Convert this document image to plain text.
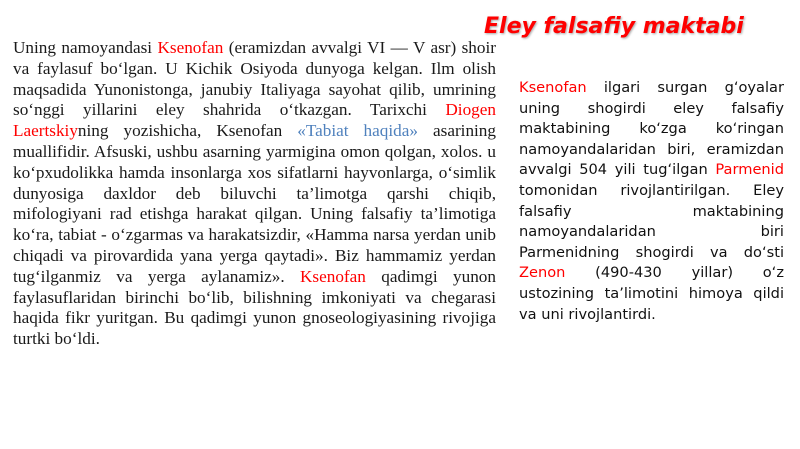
Eley falsafiy maktabi

Uning namoyandasi Ksenofan (eramizdan avvalgi VI — V asr) shoir va faylasuf bo‘lgan. U Kichik Osiyoda dunyoga kelgan. Ilm olish maqsadida Yunonistonga, janubiy Italiyaga sayohat qilib, umrining so‘nggi yillarini eley shahrida o‘tkazgan. Tarixchi Diogen Laertskiyning yozishicha, Ksenofan «Tabiat haqida» asarining muallifidir. Afsuski, ushbu asarning yarmigina omon qolgan, xolos. u ko‘pxudolikka hamda insonlarga xos sifatlarni hayvonlarga, o‘simlik dunyosiga daxldor deb biluvchi ta’limotga qarshi chiqib, mifologiyani rad etishga harakat qilgan. Uning falsafiy ta’limotiga ko‘ra, tabiat - o‘zgarmas va harakatsizdir, «Hamma narsa yerdan unib chiqadi va pirovardida yana yerga qaytadi». Biz hammamiz yerdan tug‘ilganmiz va yerga aylanamiz». Ksenofan qadimgi yunon faylasuflaridan birinchi bo‘lib, bilishning imkoniyati va chegarasi haqida fikr yuritgan. Bu qadimgi yunon gnoseologiyasining rivojiga turtki bo‘ldi.

Ksenofan ilgari surgan g‘oyalar uning shogirdi eley falsafiy maktabining ko‘zga ko‘ringan namoyandalaridan biri, eramizdan avvalgi 504 yili tug‘ilgan Parmenid tomonidan rivojlantirilgan. Eley falsafiy maktabining namoyandalaridan biri Parmenidning shogirdi va do‘sti Zenon (490-430 yillar) o‘z ustozining ta’limotini himoya qildi va uni rivojlantirdi.
